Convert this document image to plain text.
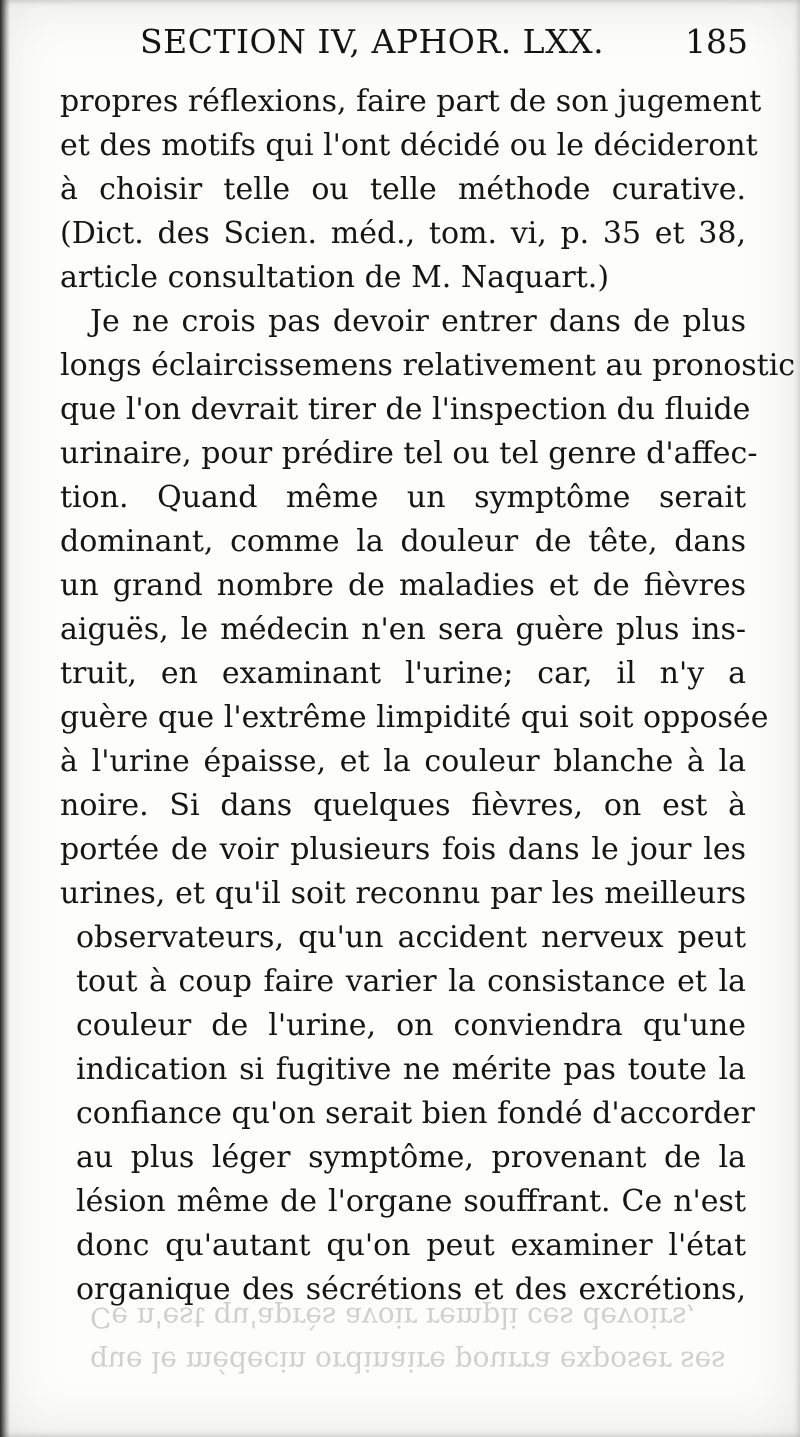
SECTION IV, APHOR. LXX. 185
propres réflexions, faire part de son jugement
et des motifs qui l'ont décidé ou le décideront
à choisir telle ou telle méthode curative.
(Dict. des Scien. méd., tom. vi, p. 35 et 38,
article consultation de M. Naquart.)
Je ne crois pas devoir entrer dans de plus
longs éclaircissemens relativement au pronostic
que l'on devrait tirer de l'inspection du fluide
urinaire, pour prédire tel ou tel genre d'affec-
tion. Quand même un symptôme serait
dominant, comme la douleur de tête, dans
un grand nombre de maladies et de fièvres
aiguës, le médecin n'en sera guère plus ins-
truit, en examinant l'urine; car, il n'y a
guère que l'extrême limpidité qui soit opposée
à l'urine épaisse, et la couleur blanche à la
noire. Si dans quelques fièvres, on est à
portée de voir plusieurs fois dans le jour les
urines, et qu'il soit reconnu par les meilleurs
observateurs, qu'un accident nerveux peut
tout à coup faire varier la consistance et la
couleur de l'urine, on conviendra qu'une
indication si fugitive ne mérite pas toute la
confiance qu'on serait bien fondé d'accorder
au plus léger symptôme, provenant de la
lésion même de l'organe souffrant. Ce n'est
donc qu'autant qu'on peut examiner l'état
organique des sécrétions et des excrétions,
que le médecin ordinaire pourra exposer ses
Ce n'est qu'après avoir rempli ces devoirs,
